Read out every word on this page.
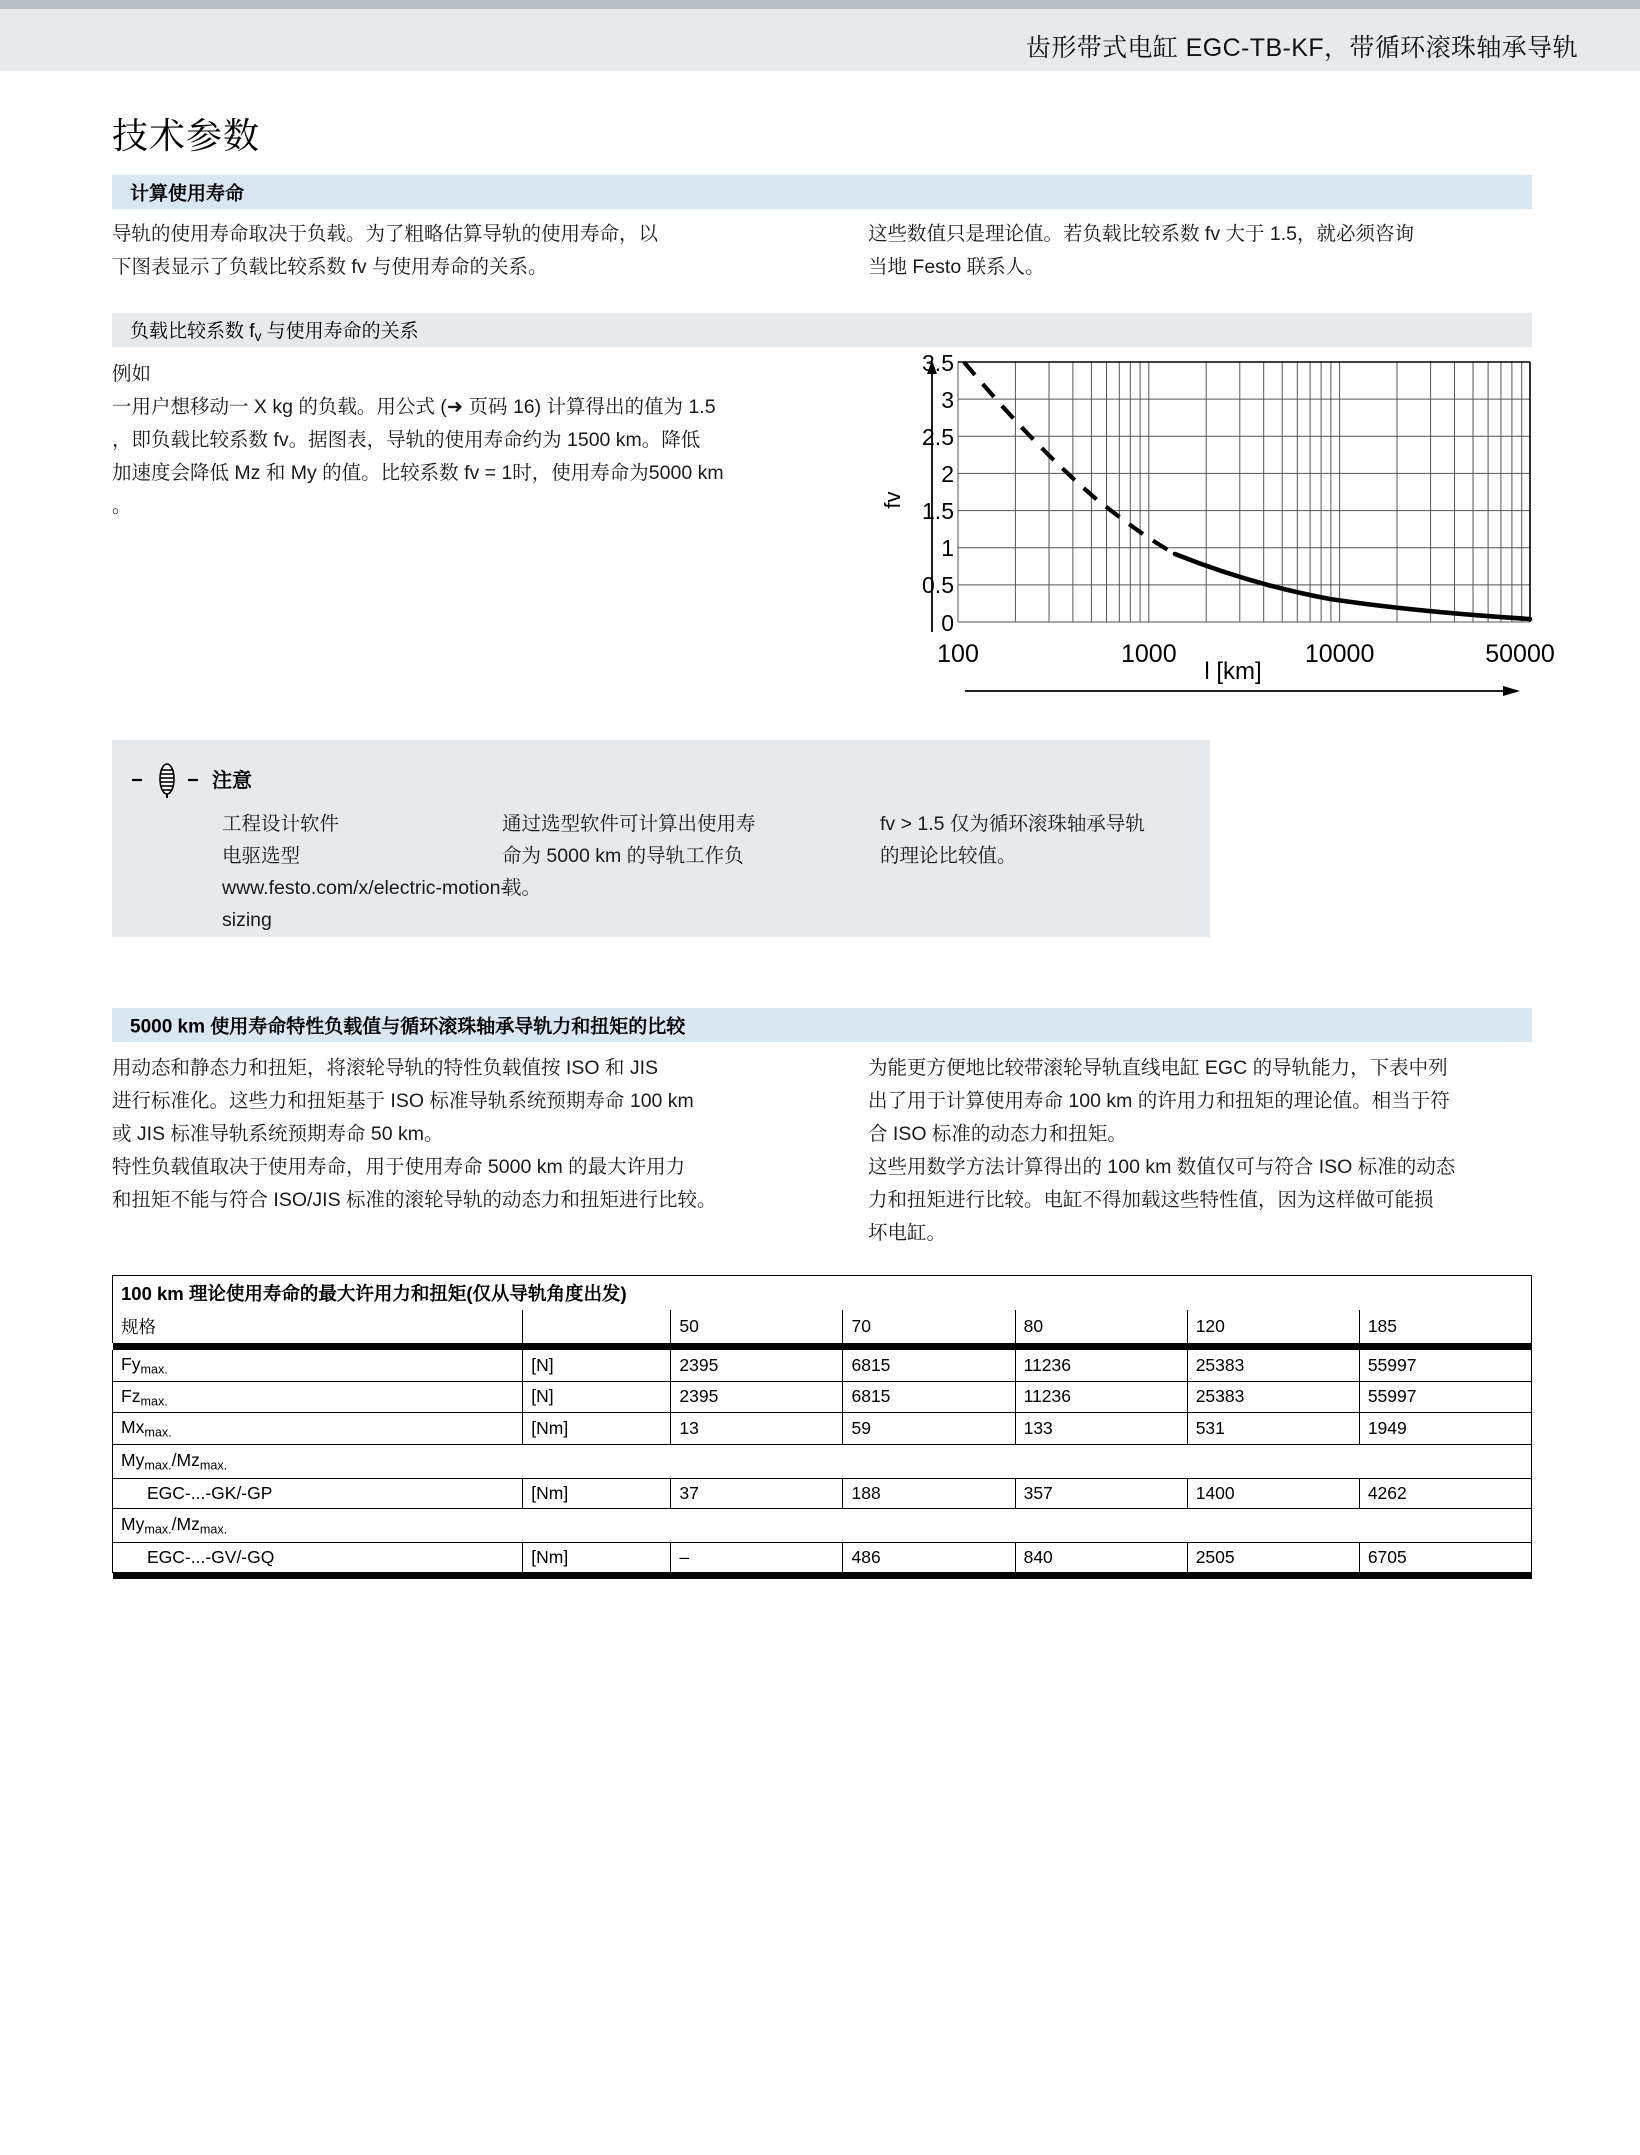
齿形带式电缸 EGC-TB-KF，带循环滚珠轴承导轨
技术参数
计算使用寿命
导轨的使用寿命取决于负载。为了粗略估算导轨的使用寿命，以
下图表显示了负载比较系数 fv 与使用寿命的关系。
这些数值只是理论值。若负载比较系数 fv 大于 1.5，就必须咨询
当地 Festo 联系人。
负载比较系数 $f_v$ 与使用寿命的关系
例如
一用户想移动一 X kg 的负载。用公式 (➜ 页码 16) 计算得出的值为 1.5
，即负载比较系数 fv。据图表，导轨的使用寿命约为 1500 km。降低
加速度会降低 Mz 和 My 的值。比较系数 fv = 1时，使用寿命为5000 km
。
3.5
3
2.5
2
1.5
1
0.5
0
fv
100	1000	10000	50000
l [km]
注意
工程设计软件
电驱选型
www.festo.com/x/electric-motion-
sizing
通过选型软件可计算出使用寿
命为 5000 km 的导轨工作负
载。
fv > 1.5 仅为循环滚珠轴承导轨
的理论比较值。
5000 km 使用寿命特性负载值与循环滚珠轴承导轨力和扭矩的比较
用动态和静态力和扭矩，将滚轮导轨的特性负载值按 ISO 和 JIS
进行标准化。这些力和扭矩基于 ISO 标准导轨系统预期寿命 100 km
或 JIS 标准导轨系统预期寿命 50 km。
特性负载值取决于使用寿命，用于使用寿命 5000 km 的最大许用力
和扭矩不能与符合 ISO/JIS 标准的滚轮导轨的动态力和扭矩进行比较。
为能更方便地比较带滚轮导轨直线电缸 EGC 的导轨能力，下表中列
出了用于计算使用寿命 100 km 的许用力和扭矩的理论值。相当于符
合 ISO 标准的动态力和扭矩。
这些用数学方法计算得出的 100 km 数值仅可与符合 ISO 标准的动态
力和扭矩进行比较。电缸不得加载这些特性值，因为这样做可能损
坏电缸。
100 km 理论使用寿命的最大许用力和扭矩(仅从导轨角度出发)						
规格		50	70	80	120	185

$Fy_{max.}$	[N]	2395	6815	11236	25383	55997
$Fz_{max.}$	[N]	2395	6815	11236	25383	55997
$Mx_{max.}$	[Nm]	13	59	133	531	1949
$My_{max.}/Mz_{max.}$
EGC-...-GK/-GP	[Nm]	37	188	357	1400	4262
$My_{max.}/Mz_{max.}$
EGC-...-GV/-GQ	[Nm]	–	486	840	2505	6705
